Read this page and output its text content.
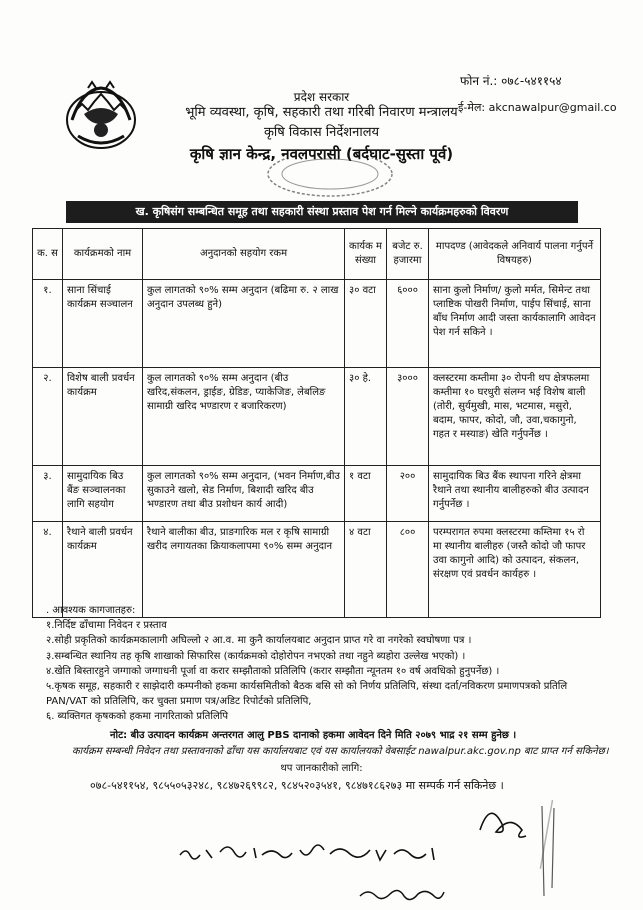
प्रदेश सरकार
भूमि व्यवस्था, कृषि, सहकारी तथा गरिबी निवारण मन्त्रालय
कृषि विकास निर्देशनालय
कृषि ज्ञान केन्द्र, नवलपरासी (बर्दघाट-सुस्ता पूर्व)
फोन नं.: ०७८-५४११५४
ई-मेल: akcnawalpur@gmail.co
ख. कृषिसंग सम्बन्धित समूह तथा सहकारी संस्था प्रस्ताव पेश गर्न मिल्ने कार्यक्रमहरुको विवरण
क. स	कार्यक्रमको नाम	अनुदानको सहयोग रकम	कार्यक म संख्या	बजेट रु. हजारमा	मापदण्ड (आवेदकले अनिवार्य पालना गर्नुपर्ने विषयहरु)
१.	साना सिंचाई कार्यक्रम सञ्चालन	कुल लागतको ९०% सम्म अनुदान (बढिमा रु. २ लाख अनुदान उपलब्ध हुने)	३० वटा	६०००	साना कुलो निर्माण/ कुलो मर्मत, सिमेन्ट तथा प्लाष्टिक पोखरी निर्माण, पाईप सिंचाई, साना बाँध निर्माण आदी जस्ता कार्यकालागि आवेदन पेश गर्न सकिने ।
२.	विशेष बाली प्रवर्धन कार्यक्रम	कुल लागतको ९०% सम्म अनुदान (बीउ खरिद,संकलन, ड्राईङ, ग्रेडिङ, प्याकेजिङ, लेबलिङ सामाग्री खरिद भण्डारण र बजारिकरण)	३० हे.	३०००	क्लस्टरमा कम्तीमा ३० रोपनी थप क्षेत्रफलमा कम्तीमा १० घरधुरी संलग्न भई विशेष बाली (तोरी, सुर्यमुखी, मास, भटमास, मसुरो, बदाम, फापर, कोदो, जौ, उवा,चकागुनो, गहत र मस्याङ) खेति गर्नुपर्नेछ ।
३.	सामुदायिक बिउ बैंङ सञ्चालनका लागि सहयोग	कुल लागतको ९०% सम्म अनुदान, (भवन निर्माण,बीउ सुकाउने खलो, सेड निर्माण, बिशादी खरिद बीउ भण्डारण तथा बीउ प्रशोधन कार्य आदी)	१ वटा	२००	सामुदायिक बिउ बैंक स्थापना गरिने क्षेत्रमा रैथाने तथा स्थानीय बालीहरुको बीउ उत्पादन गर्नुपर्नेछ ।
४.	रैथाने बाली प्रवर्धन कार्यक्रम	रैथाने बालीका बीउ, प्राङगारिक मल र कृषि सामाग्री खरीद लगायतका क्रियाकलापमा ९०% सम्म अनुदान	४ वटा	८००	परम्परागत रुपमा क्लस्टरमा कम्तिमा १५ रो मा स्थानीय बालीहरु (जस्तै कोदो जौ फापर उवा कागुनो आदि) को उत्पादन, संकलन, संरक्षण एवं प्रवर्धन कार्यहरु ।
. आवश्यक कागजातहरु:
१.निर्दिष्ट ढाँचामा निवेदन र प्रस्ताव
२.सोही प्रकृतिको कार्यक्रमकालागी अघिल्लो २ आ.व. मा कुनै कार्यालयबाट अनुदान प्राप्त गरे वा नगरेको स्वघोषणा पत्र ।
३.सम्बन्धित स्थानिय तह कृषि शाखाको सिफारिस (कार्यक्रमको दोहोरोपन नभएको तथा नहुने ब्यहोरा उल्लेख भएको) ।
४.खेति बिस्तारहुने जग्गाको जग्गाधनी पूर्जा वा करार सम्झौताको प्रतिलिपि (करार सम्झौता न्यूनतम १० वर्ष अवधिको हुनुपर्नेछ) ।
५.कृषक समूह, सहकारी र साझेदारी कम्पनीको हकमा कार्यसमितीको बैठक बसि सो को निर्णय प्रतिलिपि, संस्था दर्ता/नविकरण प्रमाणपत्रको प्रतिलि
PAN/VAT को प्रतिलिपि, कर चुक्ता प्रमाण पत्र/अडिट रिपोर्टको प्रतिलिपि,
६. ब्यक्तिगत कृषकको हकमा नागरिताको प्रतिलिपि
नोट: बीउ उत्पादन कार्यक्रम अन्तरगत आलु PBS दानाको हकमा आवेदन दिने मिति २०७९ भाद्र २१ सम्म हुनेछ ।
कार्यक्रम सम्बन्धी निवेदन तथा प्रस्तावनाको ढाँचा यस कार्यालयबाट एवं यस कार्यालयको वेबसाईट nawalpur.akc.gov.np बाट प्राप्त गर्न सकिनेछ।
थप जानकारीको लागि:
०७८-५४११५४, ९८५५०५३२४८, ९८४७२६९९८२, ९८४५२०३५४१, ९८४७१८६२७३ मा सम्पर्क गर्न सकिनेछ ।
